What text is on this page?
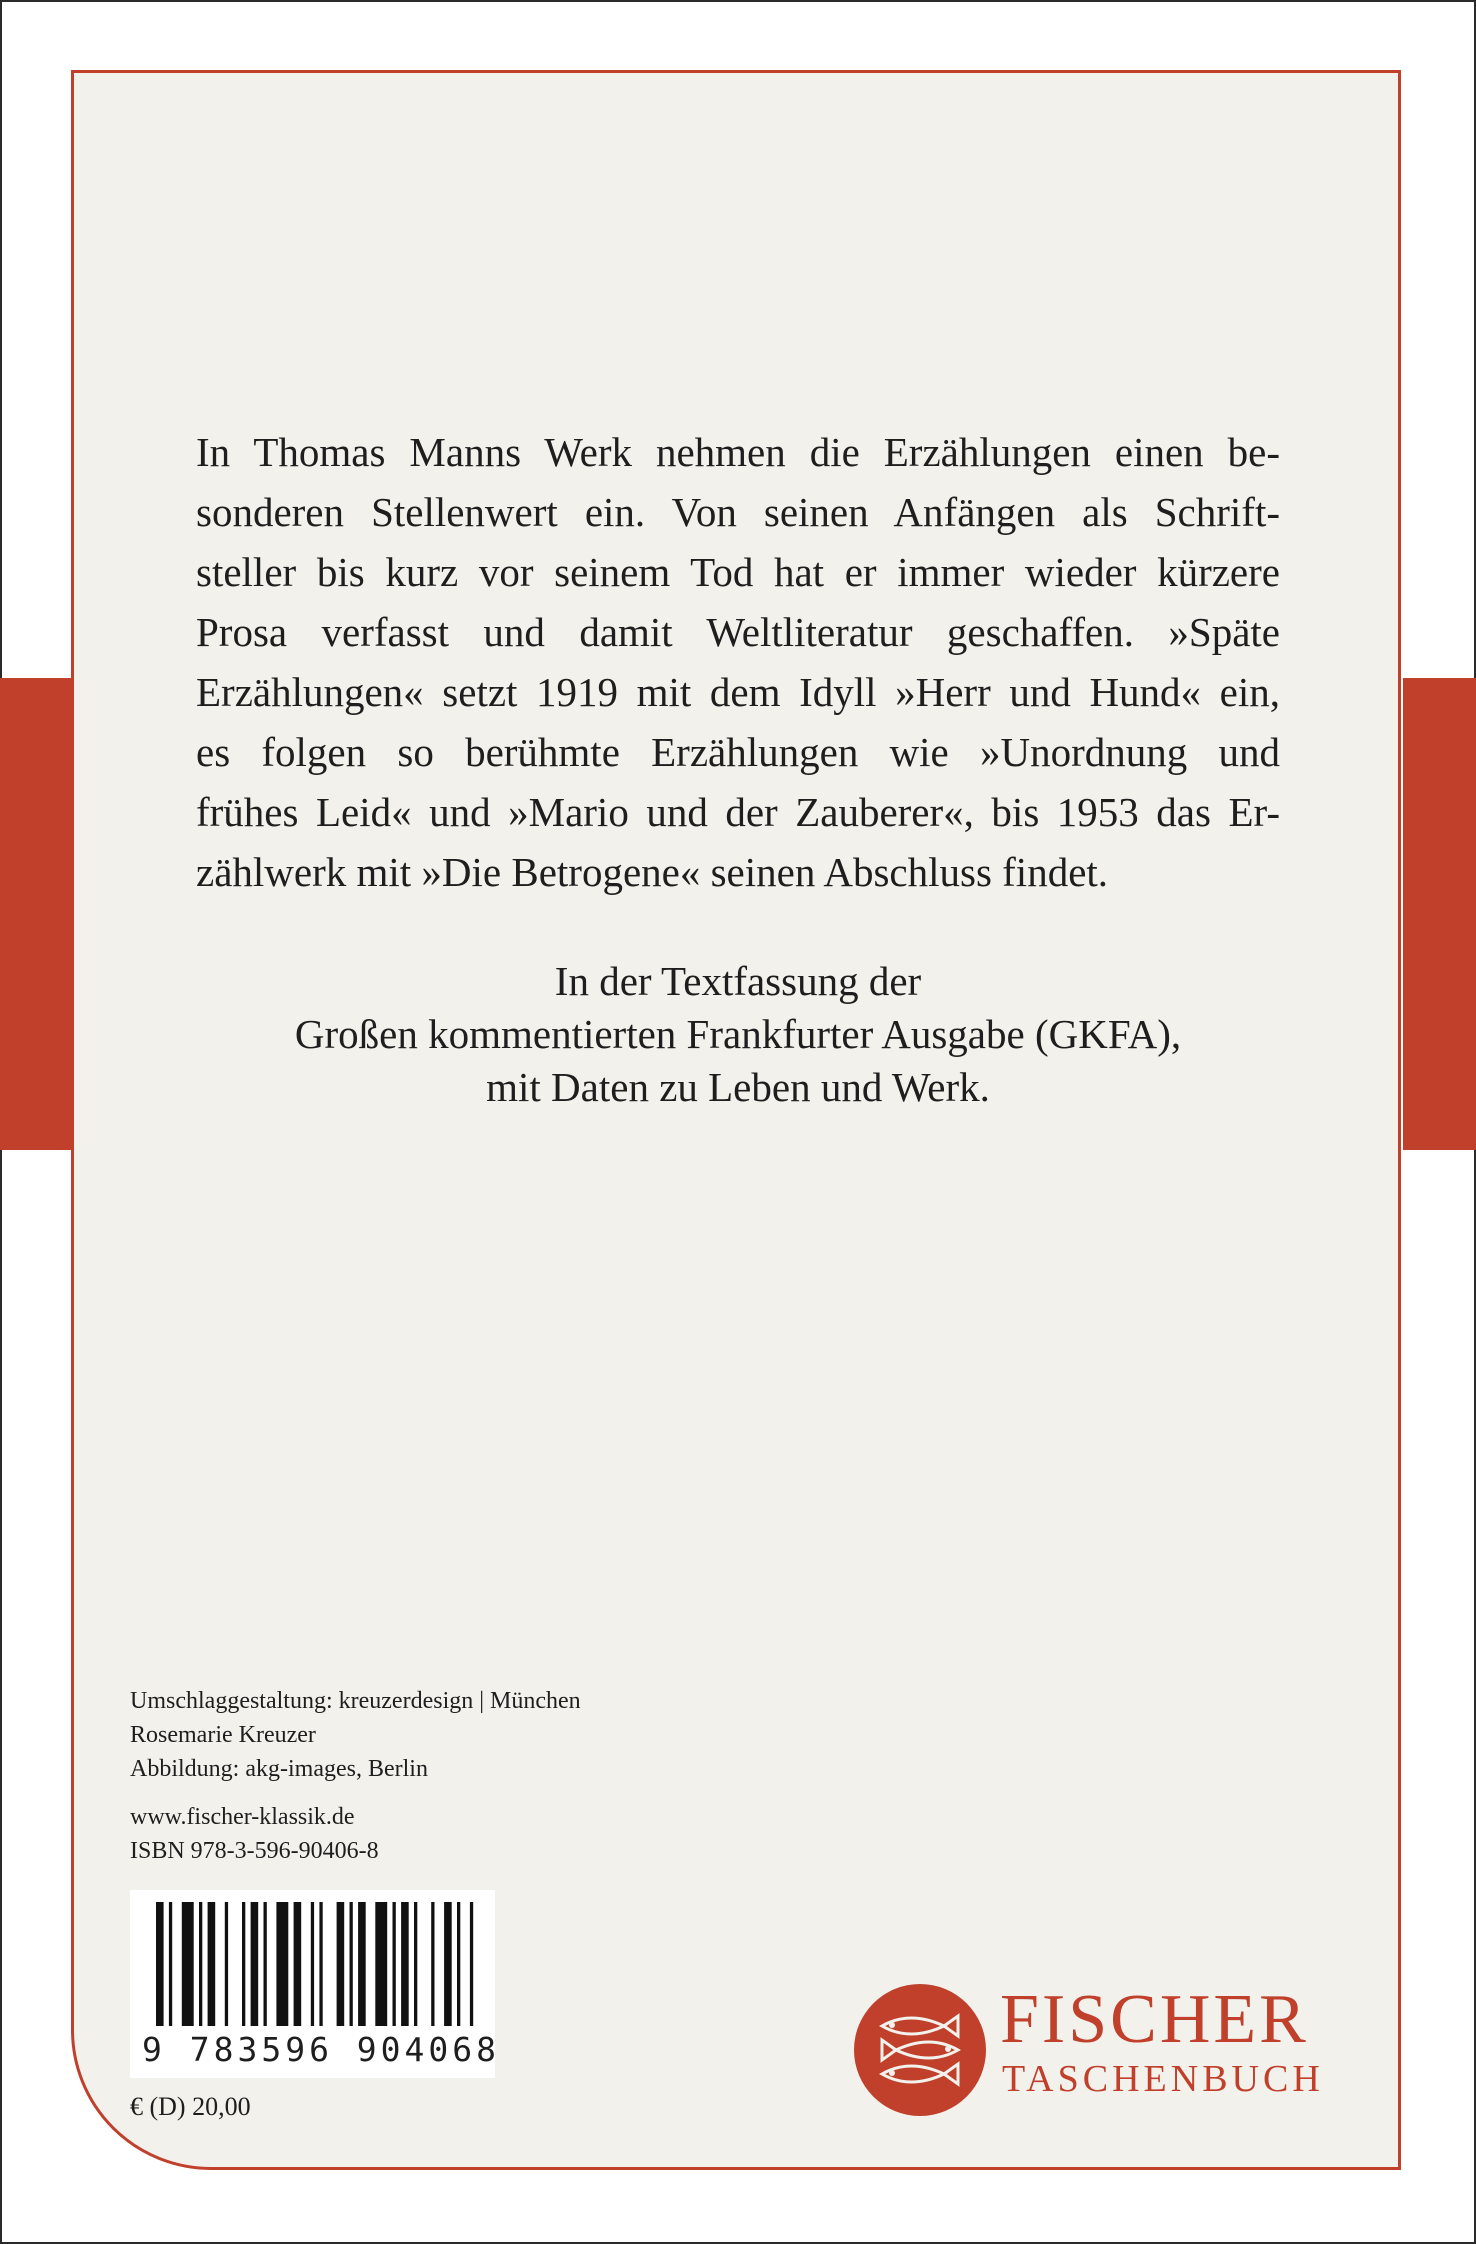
In Thomas Manns Werk nehmen die Erzählungen einen be-
sonderen Stellenwert ein. Von seinen Anfängen als Schrift-
steller bis kurz vor seinem Tod hat er immer wieder kürzere
Prosa verfasst und damit Weltliteratur geschaffen. »Späte
Erzählungen« setzt 1919 mit dem Idyll »Herr und Hund« ein,
es folgen so berühmte Erzählungen wie »Unordnung und
frühes Leid« und »Mario und der Zauberer«, bis 1953 das Er-
zählwerk mit »Die Betrogene« seinen Abschluss findet.
In der Textfassung der
Großen kommentierten Frankfurter Ausgabe (GKFA),
mit Daten zu Leben und Werk.
Umschlaggestaltung: kreuzerdesign | München
Rosemarie Kreuzer
Abbildung: akg-images, Berlin
www.fischer-klassik.de
ISBN 978-3-596-90406-8
9 783596 904068
€ (D) 20,00
FISCHER
TASCHENBUCH
